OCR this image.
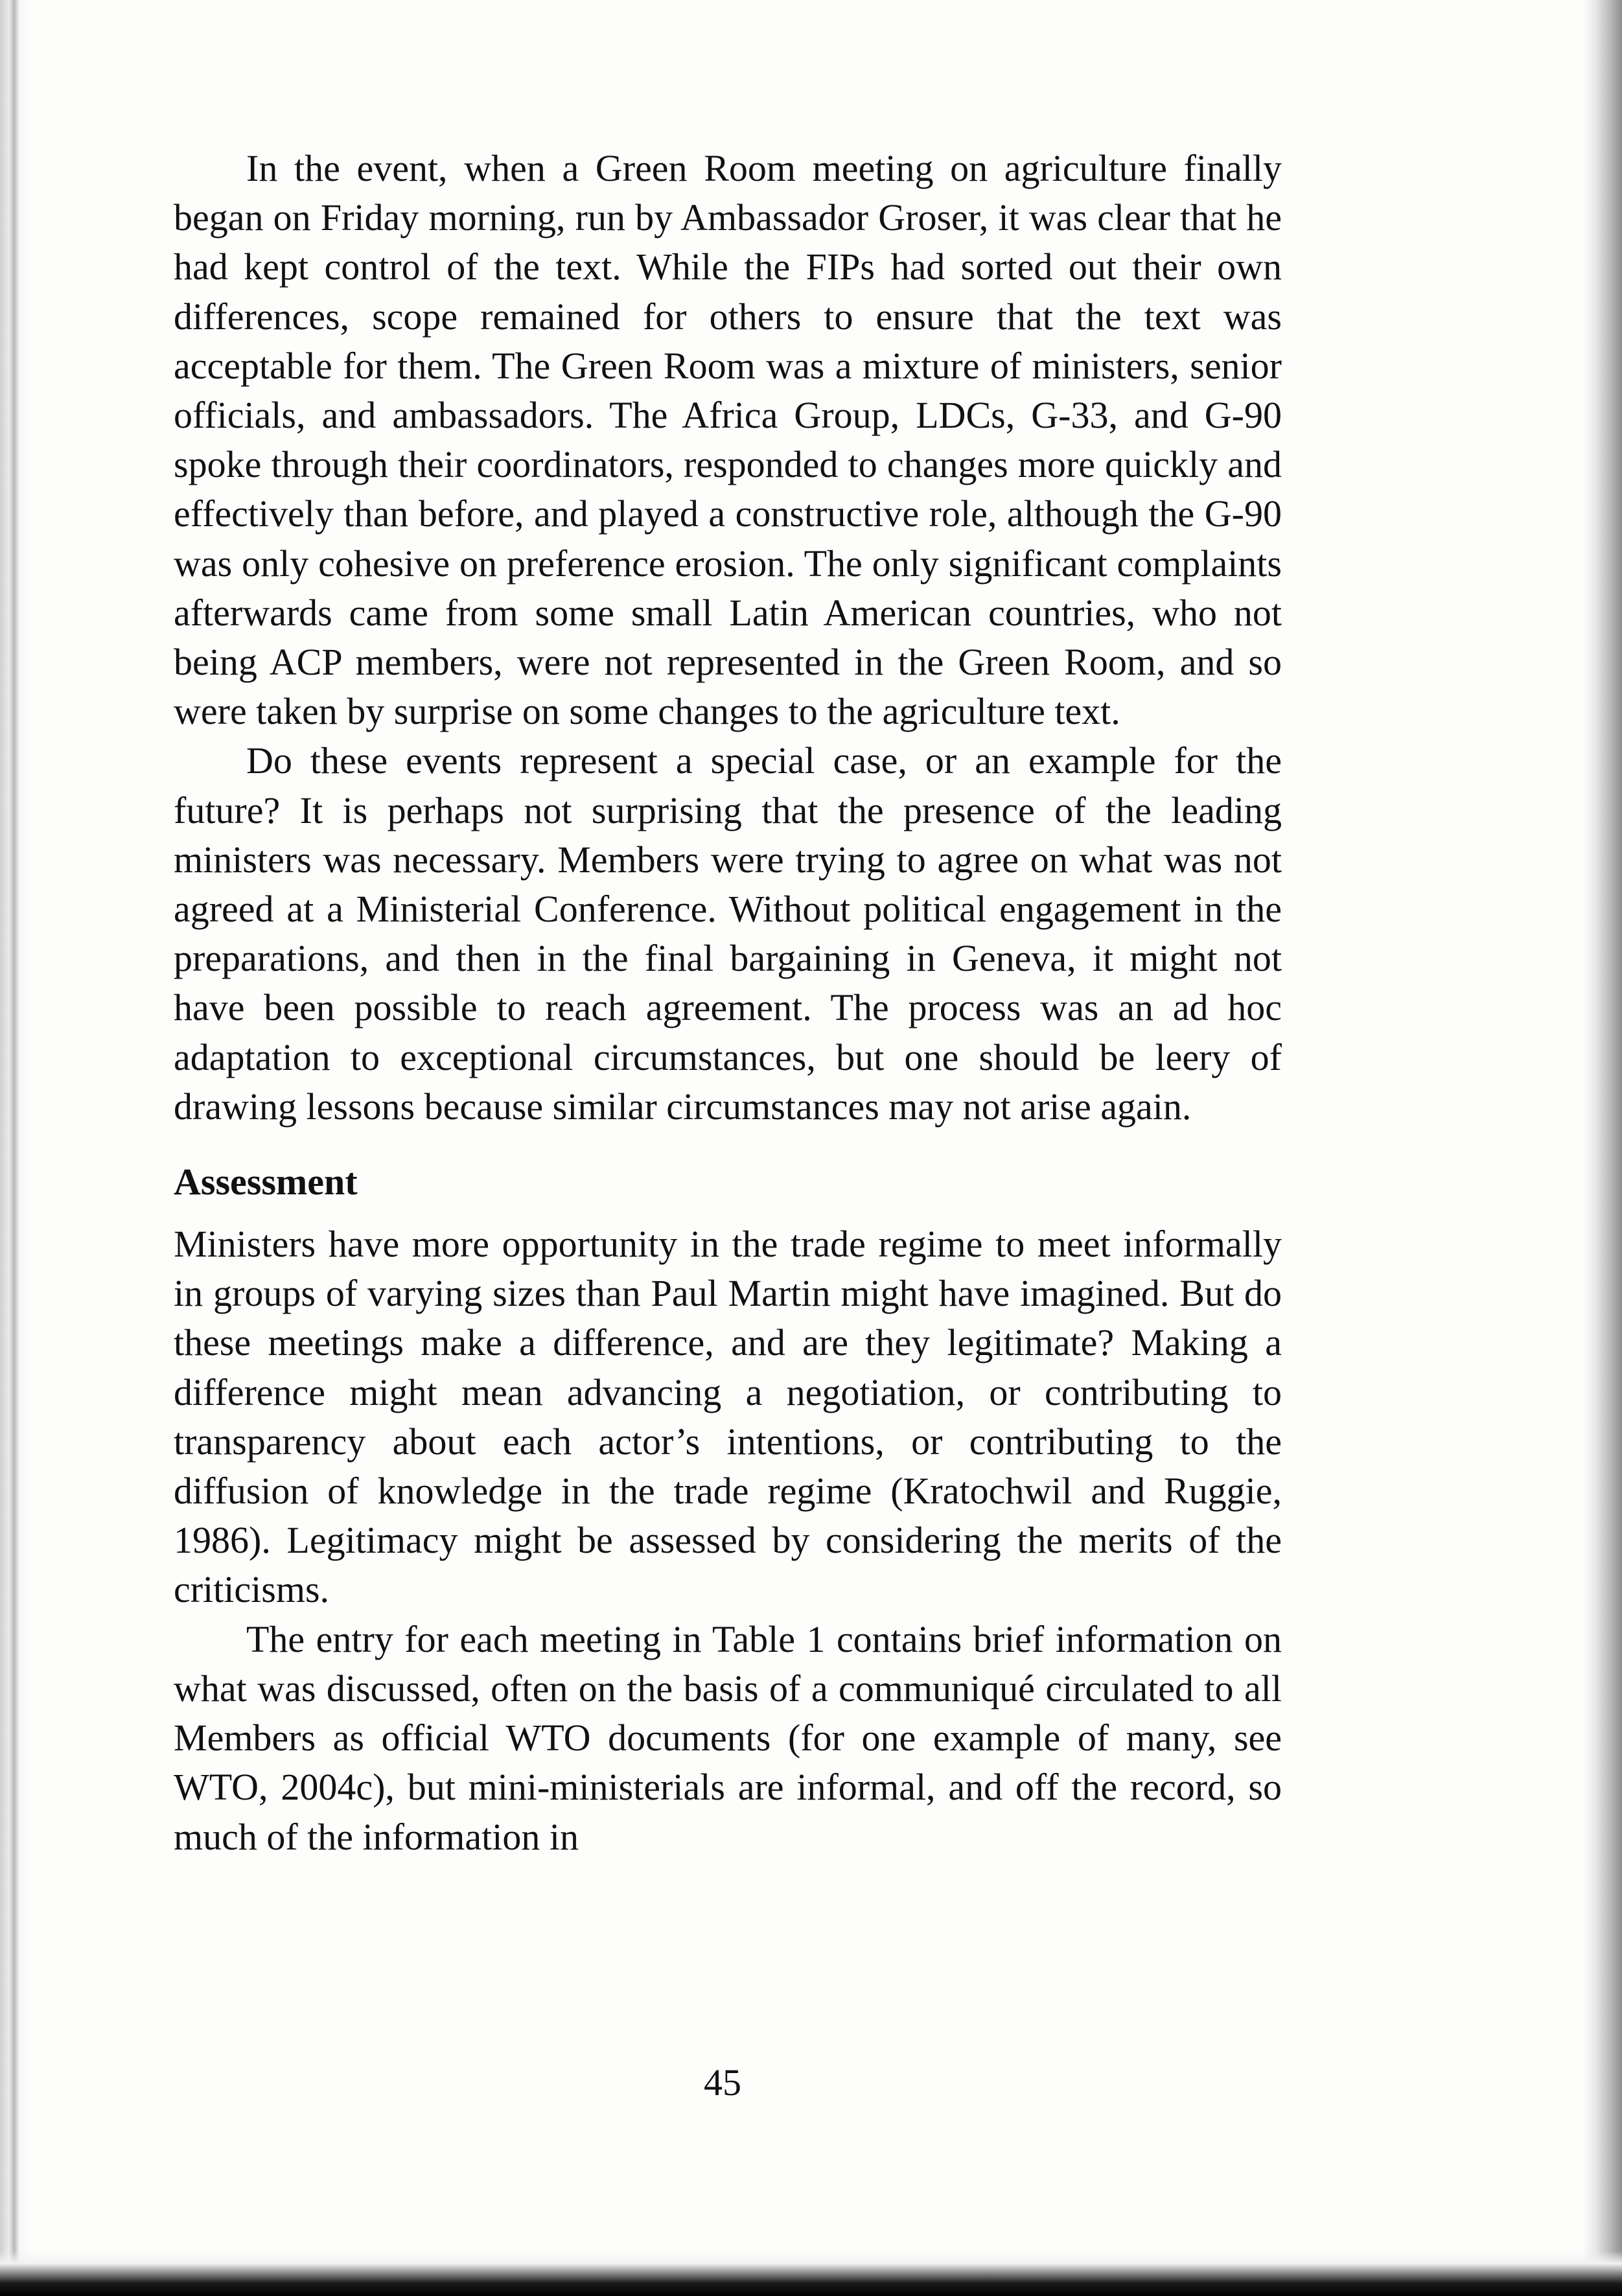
In the event, when a Green Room meeting on agriculture finally began on Friday morning, run by Ambassador Groser, it was clear that he had kept control of the text. While the FIPs had sorted out their own differences, scope remained for others to ensure that the text was acceptable for them. The Green Room was a mixture of ministers, senior officials, and ambassadors. The Africa Group, LDCs, G-33, and G-90 spoke through their coordinators, responded to changes more quickly and effectively than before, and played a constructive role, although the G-90 was only cohesive on preference erosion. The only significant complaints afterwards came from some small Latin American countries, who not being ACP members, were not represented in the Green Room, and so were taken by surprise on some changes to the agriculture text.

Do these events represent a special case, or an example for the future? It is perhaps not surprising that the presence of the leading ministers was necessary. Members were trying to agree on what was not agreed at a Ministerial Conference. Without political engagement in the preparations, and then in the final bargaining in Geneva, it might not have been possible to reach agreement. The process was an ad hoc adaptation to exceptional circumstances, but one should be leery of drawing lessons because similar circumstances may not arise again.

Assessment

Ministers have more opportunity in the trade regime to meet informally in groups of varying sizes than Paul Martin might have imagined. But do these meetings make a difference, and are they legitimate? Making a difference might mean advancing a negotiation, or contributing to transparency about each actor’s intentions, or contributing to the diffusion of knowledge in the trade regime (Kratochwil and Ruggie, 1986). Legitimacy might be assessed by considering the merits of the criticisms.

The entry for each meeting in Table 1 contains brief information on what was discussed, often on the basis of a communiqué circulated to all Members as official WTO documents (for one example of many, see WTO, 2004c), but mini-ministerials are informal, and off the record, so much of the information in

45
